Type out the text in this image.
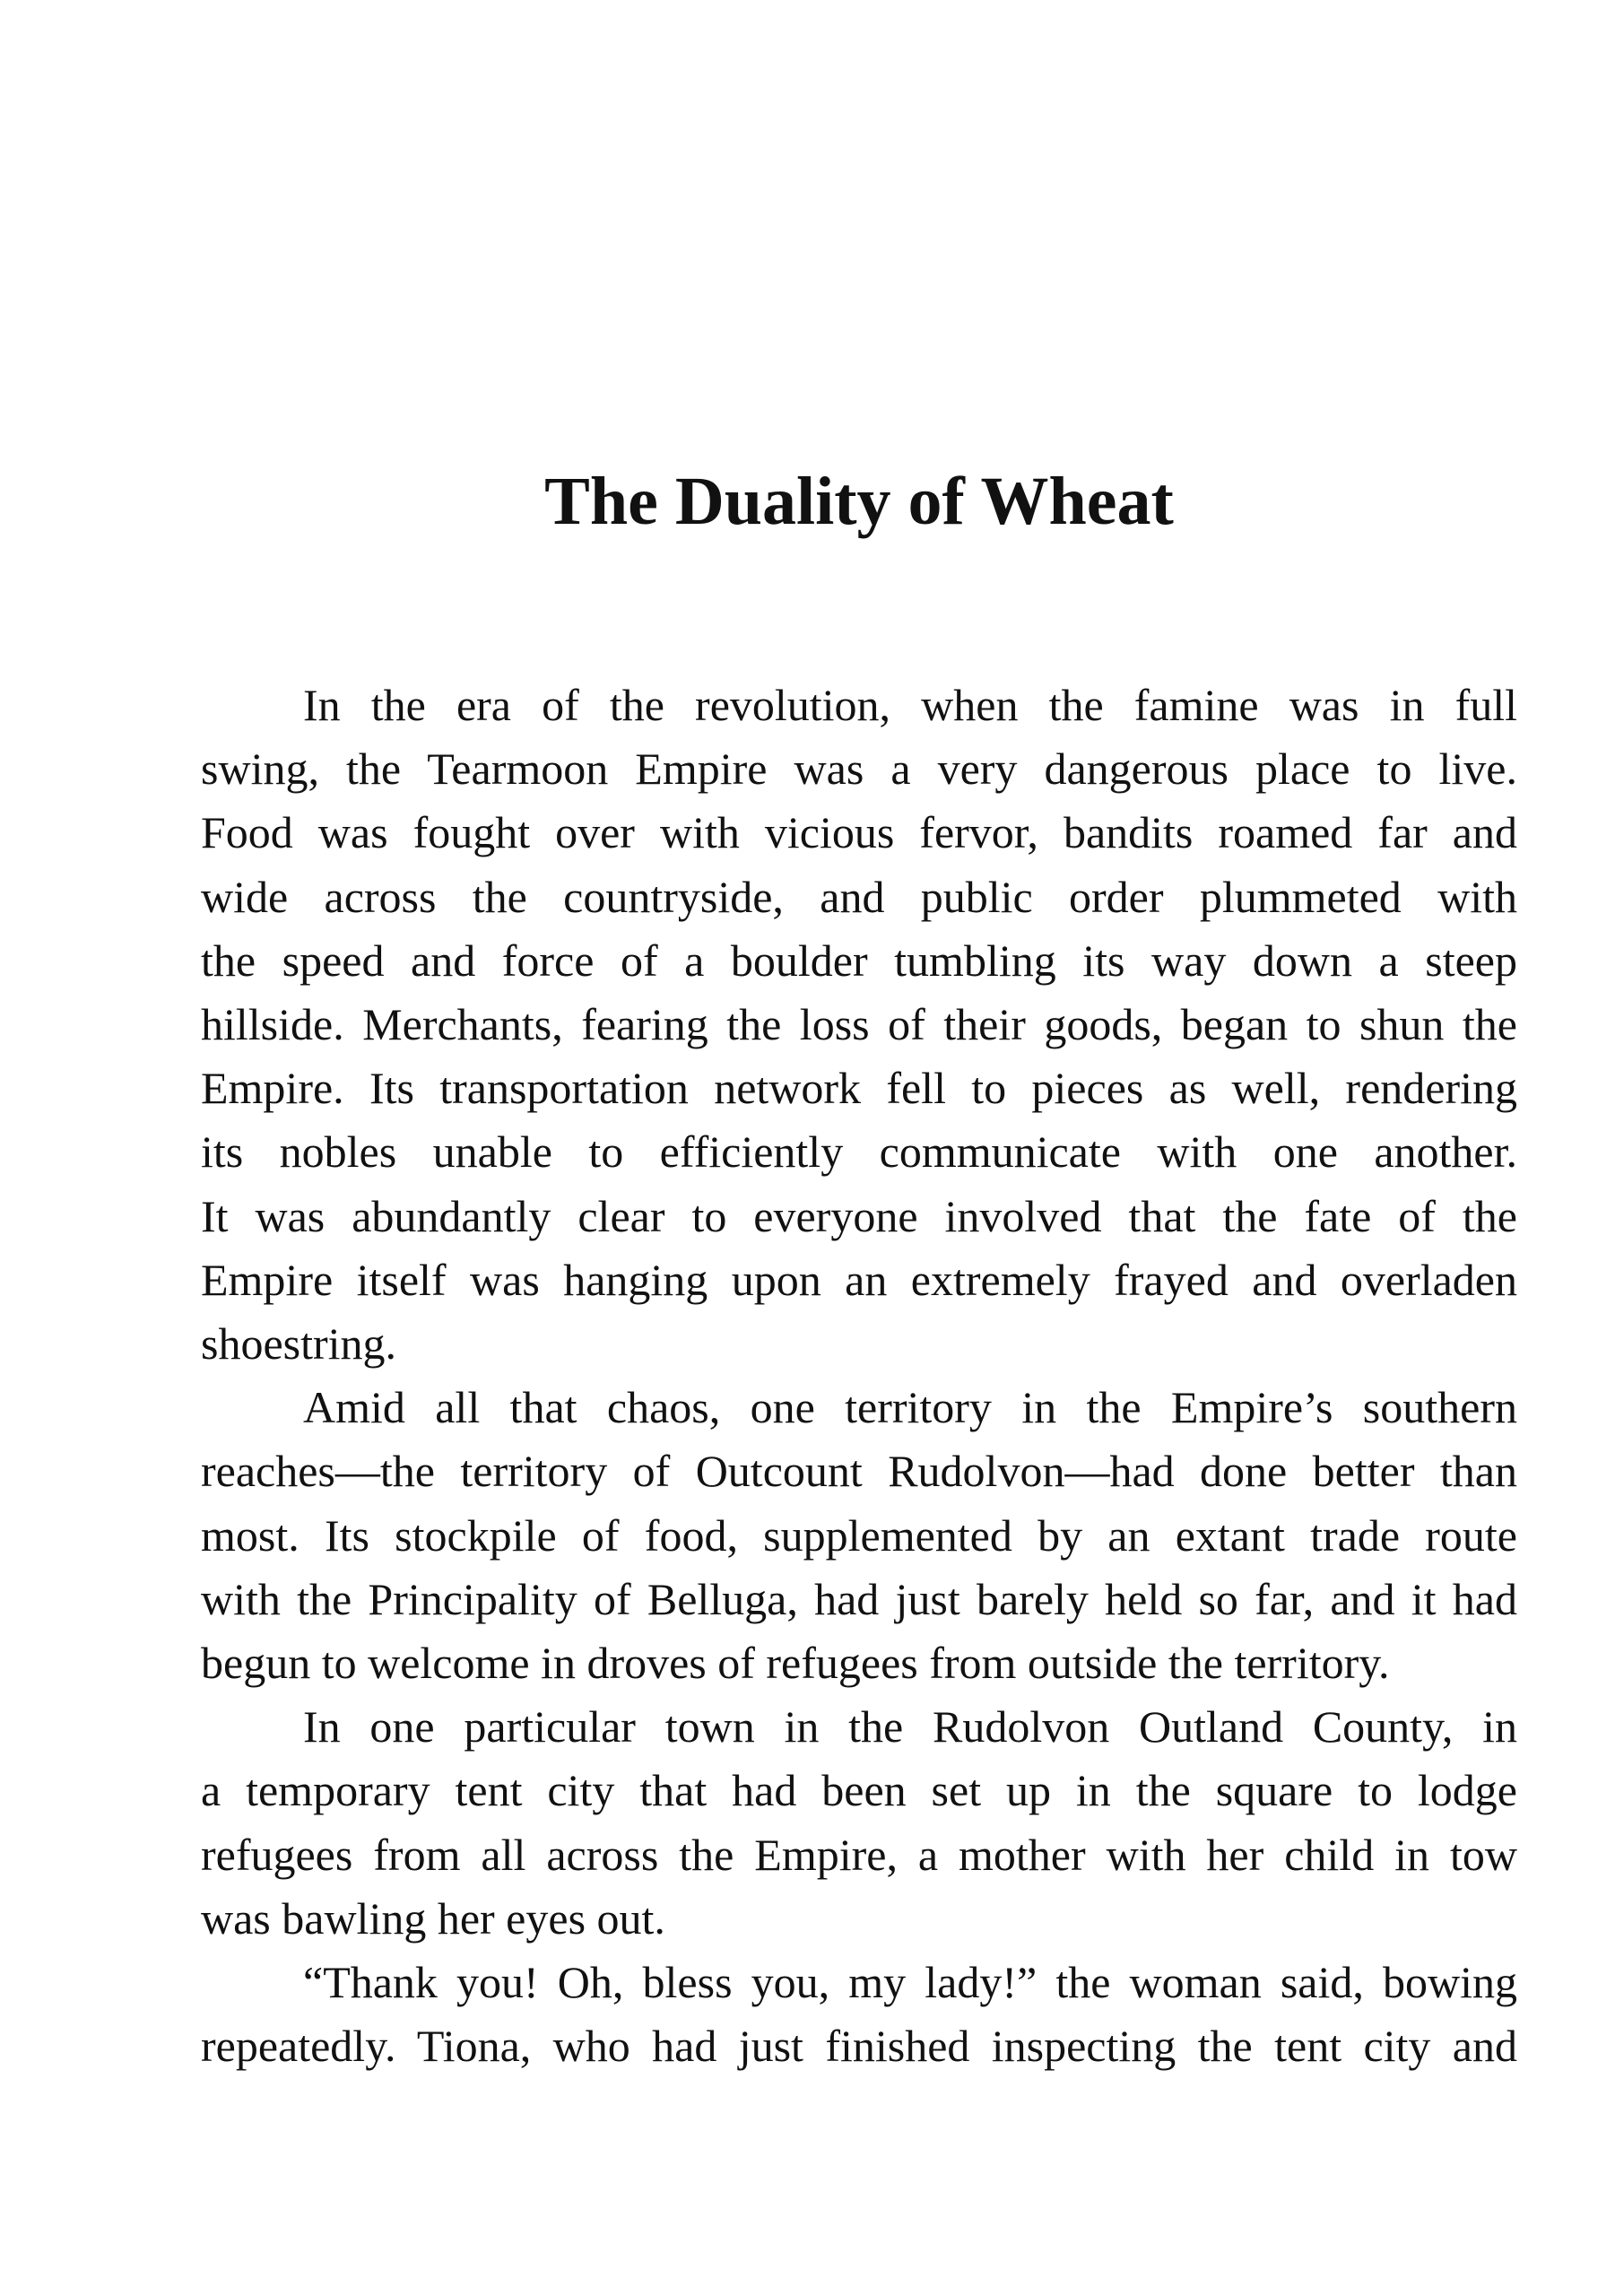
The Duality of Wheat
In the era of the revolution, when the famine was in full
swing, the Tearmoon Empire was a very dangerous place to live.
Food was fought over with vicious fervor, bandits roamed far and
wide across the countryside, and public order plummeted with
the speed and force of a boulder tumbling its way down a steep
hillside. Merchants, fearing the loss of their goods, began to shun the
Empire. Its transportation network fell to pieces as well, rendering
its nobles unable to efficiently communicate with one another.
It was abundantly clear to everyone involved that the fate of the
Empire itself was hanging upon an extremely frayed and overladen
shoestring.
Amid all that chaos, one territory in the Empire’s southern
reaches—the territory of Outcount Rudolvon—had done better than
most. Its stockpile of food, supplemented by an extant trade route
with the Principality of Belluga, had just barely held so far, and it had
begun to welcome in droves of refugees from outside the territory.
In one particular town in the Rudolvon Outland County, in
a temporary tent city that had been set up in the square to lodge
refugees from all across the Empire, a mother with her child in tow
was bawling her eyes out.
“Thank you! Oh, bless you, my lady!” the woman said, bowing
repeatedly. Tiona, who had just finished inspecting the tent city and
